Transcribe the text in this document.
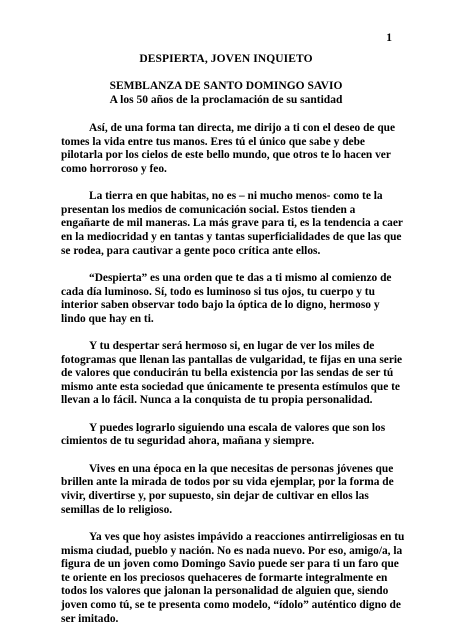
1
DESPIERTA, JOVEN INQUIETO
SEMBLANZA DE SANTO DOMINGO SAVIO
A los 50 años de la proclamación de su santidad
Así, de una forma tan directa, me dirijo a ti con el deseo de que
tomes la vida entre tus manos. Eres tú el único que sabe y debe
pilotarla por los cielos de este bello mundo, que otros te lo hacen ver
como horroroso y feo.
La tierra en que habitas, no es – ni mucho menos- como te la
presentan los medios de comunicación social. Estos tienden a
engañarte de mil maneras. La más grave para ti, es la tendencia a caer
en la mediocridad y en tantas y tantas superficialidades de que las que
se rodea, para cautivar a gente poco crítica ante ellos.
“Despierta” es una orden que te das a ti mismo al comienzo de
cada día luminoso. Sí, todo es luminoso si tus ojos, tu cuerpo y tu
interior saben observar todo bajo la óptica de lo digno, hermoso y
lindo que hay en ti.
Y tu despertar será hermoso si, en lugar de ver los miles de
fotogramas que llenan las pantallas de vulgaridad, te fijas en una serie
de valores que conducirán tu bella existencia por las sendas de ser tú
mismo ante esta sociedad que únicamente te presenta estímulos que te
llevan a lo fácil. Nunca a la conquista de tu propia personalidad.
Y puedes lograrlo siguiendo una escala de valores que son los
cimientos de tu seguridad ahora, mañana y siempre.
Vives en una época en la que necesitas de personas jóvenes que
brillen ante la mirada de todos por su vida ejemplar, por la forma de
vivir, divertirse y, por supuesto, sin dejar de cultivar en ellos las
semillas de lo religioso.
Ya ves que hoy asistes impávido a reacciones antirreligiosas en tu
misma ciudad, pueblo y nación. No es nada nuevo. Por eso, amigo/a, la
figura de un joven como Domingo Savio puede ser para ti un faro que
te oriente en los preciosos quehaceres de formarte integralmente en
todos los valores que jalonan la personalidad de alguien que, siendo
joven como tú, se te presenta como modelo, “ídolo” auténtico digno de
ser imitado.
